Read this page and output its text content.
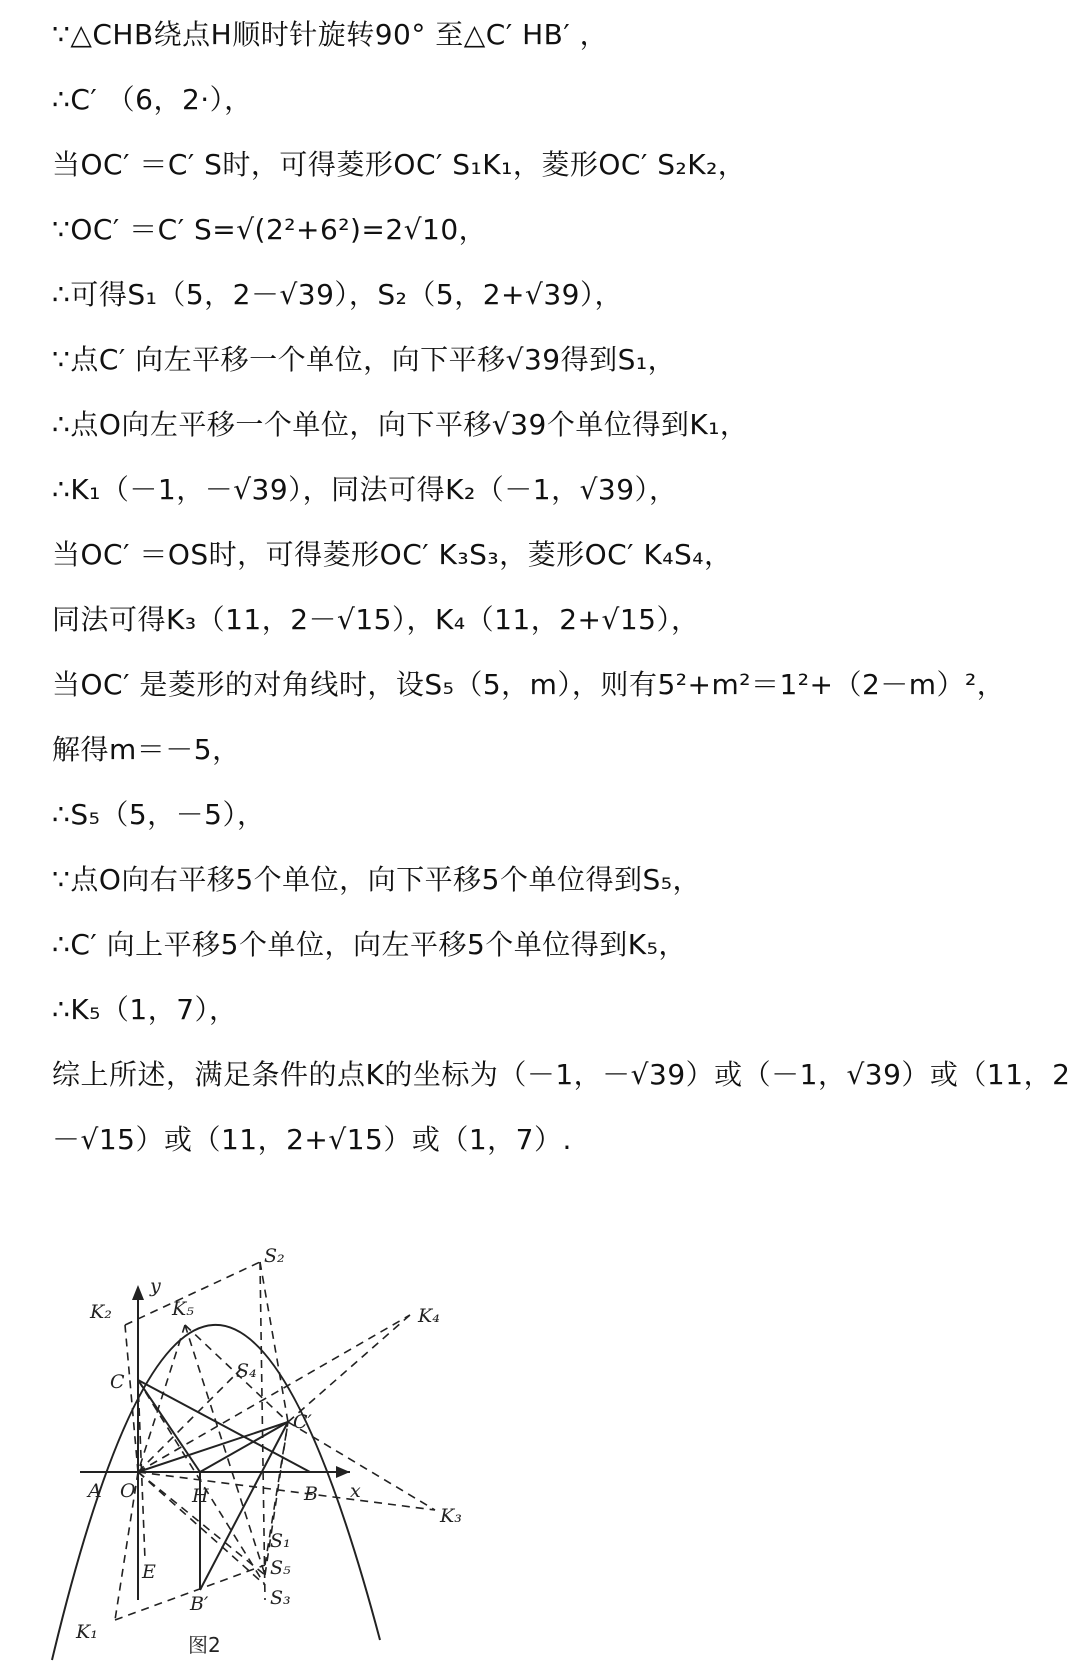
∵△CHB绕点H顺时针旋转90° 至△C′ HB′ ，
∴C′ （6，2·），
当OC′ ＝C′ S时，可得菱形OC′ S₁K₁，菱形OC′ S₂K₂，
∵OC′ ＝C′ S=√(2²+6²)=2√10，
∴可得S₁（5，2－√39），S₂（5，2+√39），
∵点C′ 向左平移一个单位，向下平移√39得到S₁，
∴点O向左平移一个单位，向下平移√39个单位得到K₁，
∴K₁（－1，－√39），同法可得K₂（－1，√39），
当OC′ ＝OS时，可得菱形OC′ K₃S₃，菱形OC′ K₄S₄，
同法可得K₃（11，2－√15），K₄（11，2+√15），
当OC′ 是菱形的对角线时，设S₅（5，m），则有5²+m²＝1²+（2－m）²，
解得m＝－5，
∴S₅（5，－5），
∵点O向右平移5个单位，向下平移5个单位得到S₅，
∴C′ 向上平移5个单位，向左平移5个单位得到K₅，
∴K₅（1，7），
综上所述，满足条件的点K的坐标为（－1，－√39）或（－1，√39）或（11，2
－√15）或（11，2+√15）或（1，7）.
S₂
K₂	K₅	K₄
S₄
C
C′
y
x
A O	H	B
K₃
S₁
S₅
S₃
E
B′
K₁
图2
